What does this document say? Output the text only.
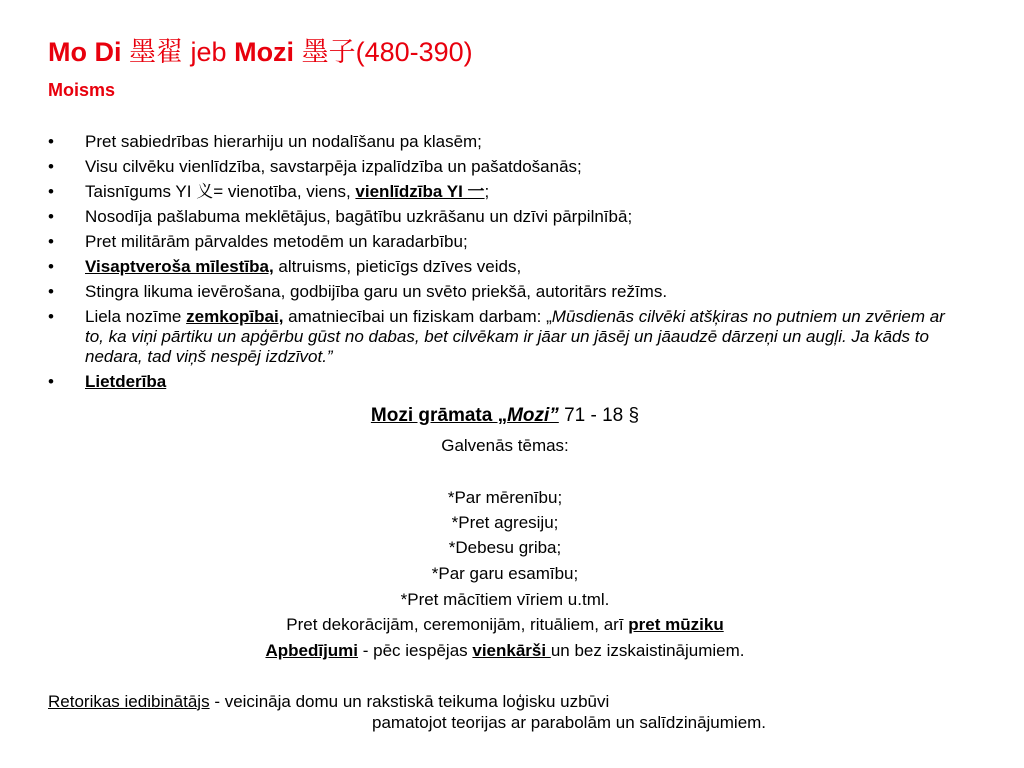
Mo Di 墨翟 jeb Mozi 墨子(480-390)
Moisms
• Pret sabiedrības hierarhiju un nodalīšanu pa klasēm;
• Visu cilvēku vienlīdzība, savstarpēja izpalīdzība un pašatdošanās;
• Taisnīgums YI 义= vienotība, viens, vienlīdzība YI 一;
• Nosodīja pašlabuma meklētājus, bagātību uzkrāšanu un dzīvi pārpilnībā;
• Pret militārām pārvaldes metodēm un karadarbību;
• Visaptveroša mīlestība, altruisms, pieticīgs dzīves veids,
• Stingra likuma ievērošana, godbijība garu un svēto priekšā, autoritārs režīms.
• Liela nozīme zemkopībai, amatniecībai un fiziskam darbam: „Mūsdienās cilvēki atšķiras no putniem un zvēriem ar to, ka viņi pārtiku un apģērbu gūst no dabas, bet cilvēkam ir jāar un jāsēj un jāaudzē dārzeņi un augļi. Ja kāds to nedara, tad viņš nespēj izdzīvot.”
• Lietderība
Mozi grāmata „Mozi” 71 - 18 §
Galvenās tēmas:
*Par mērenību;
*Pret agresiju;
*Debesu griba;
*Par garu esamību;
*Pret mācītiem vīriem u.tml.
Pret dekorācijām, ceremonijām, rituāliem, arī pret mūziku
Apbedījumi - pēc iespējas vienkārši un bez izskaistinājumiem.
Retorikas iedibinātājs - veicināja domu un rakstiskā teikuma loģisku uzbūvi
pamatojot teorijas ar parabolām un salīdzinājumiem.
